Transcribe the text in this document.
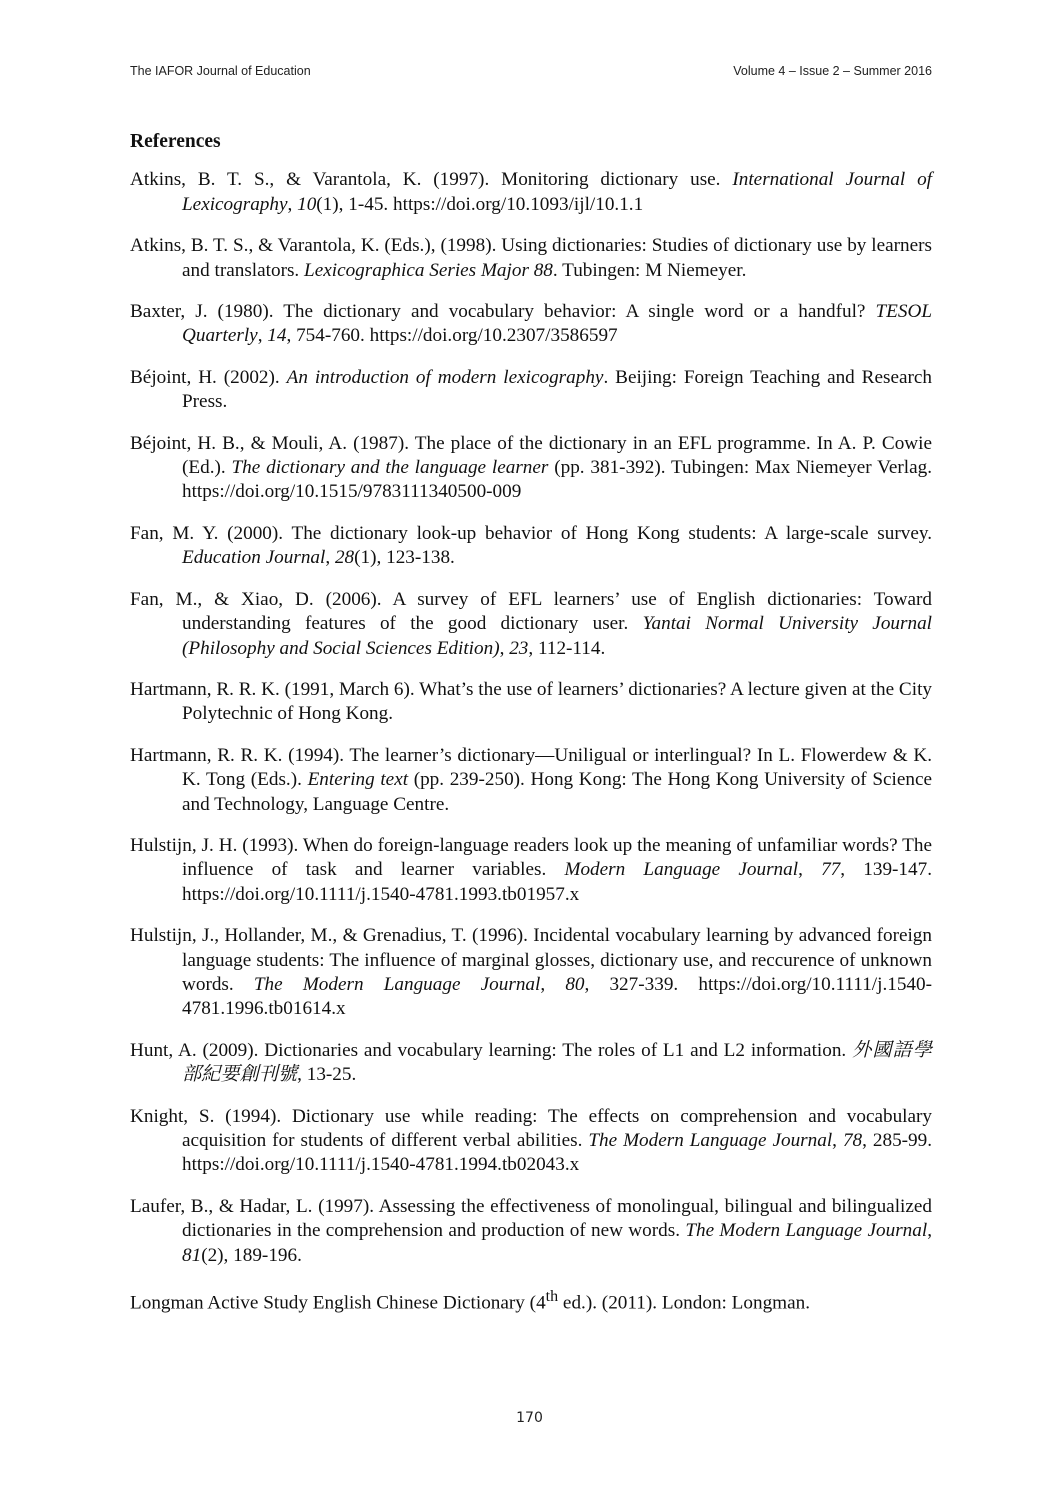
The IAFOR Journal of Education	Volume 4 – Issue 2 – Summer 2016
References
Atkins, B. T. S., & Varantola, K. (1997). Monitoring dictionary use. International Journal of Lexicography, 10(1), 1-45. https://doi.org/10.1093/ijl/10.1.1
Atkins, B. T. S., & Varantola, K. (Eds.), (1998). Using dictionaries: Studies of dictionary use by learners and translators. Lexicographica Series Major 88. Tubingen: M Niemeyer.
Baxter, J. (1980). The dictionary and vocabulary behavior: A single word or a handful? TESOL Quarterly, 14, 754-760. https://doi.org/10.2307/3586597
Béjoint, H. (2002). An introduction of modern lexicography. Beijing: Foreign Teaching and Research Press.
Béjoint, H. B., & Mouli, A. (1987). The place of the dictionary in an EFL programme. In A. P. Cowie (Ed.). The dictionary and the language learner (pp. 381-392). Tubingen: Max Niemeyer Verlag. https://doi.org/10.1515/9783111340500-009
Fan, M. Y. (2000). The dictionary look-up behavior of Hong Kong students: A large-scale survey. Education Journal, 28(1), 123-138.
Fan, M., & Xiao, D. (2006). A survey of EFL learners’ use of English dictionaries: Toward understanding features of the good dictionary user. Yantai Normal University Journal (Philosophy and Social Sciences Edition), 23, 112-114.
Hartmann, R. R. K. (1991, March 6). What’s the use of learners’ dictionaries? A lecture given at the City Polytechnic of Hong Kong.
Hartmann, R. R. K. (1994). The learner’s dictionary—Uniligual or interlingual? In L. Flowerdew & K. K. Tong (Eds.). Entering text (pp. 239-250). Hong Kong: The Hong Kong University of Science and Technology, Language Centre.
Hulstijn, J. H. (1993). When do foreign-language readers look up the meaning of unfamiliar words? The influence of task and learner variables. Modern Language Journal, 77, 139-147. https://doi.org/10.1111/j.1540-4781.1993.tb01957.x
Hulstijn, J., Hollander, M., & Grenadius, T. (1996). Incidental vocabulary learning by advanced foreign language students: The influence of marginal glosses, dictionary use, and reccurence of unknown words. The Modern Language Journal, 80, 327-339. https://doi.org/10.1111/j.1540-4781.1996.tb01614.x
Hunt, A. (2009). Dictionaries and vocabulary learning: The roles of L1 and L2 information. 外國語學部紀要創刊號, 13-25.
Knight, S. (1994). Dictionary use while reading: The effects on comprehension and vocabulary acquisition for students of different verbal abilities. The Modern Language Journal, 78, 285-99. https://doi.org/10.1111/j.1540-4781.1994.tb02043.x
Laufer, B., & Hadar, L. (1997). Assessing the effectiveness of monolingual, bilingual and bilingualized dictionaries in the comprehension and production of new words. The Modern Language Journal, 81(2), 189-196.
Longman Active Study English Chinese Dictionary (4th ed.). (2011). London: Longman.
170
